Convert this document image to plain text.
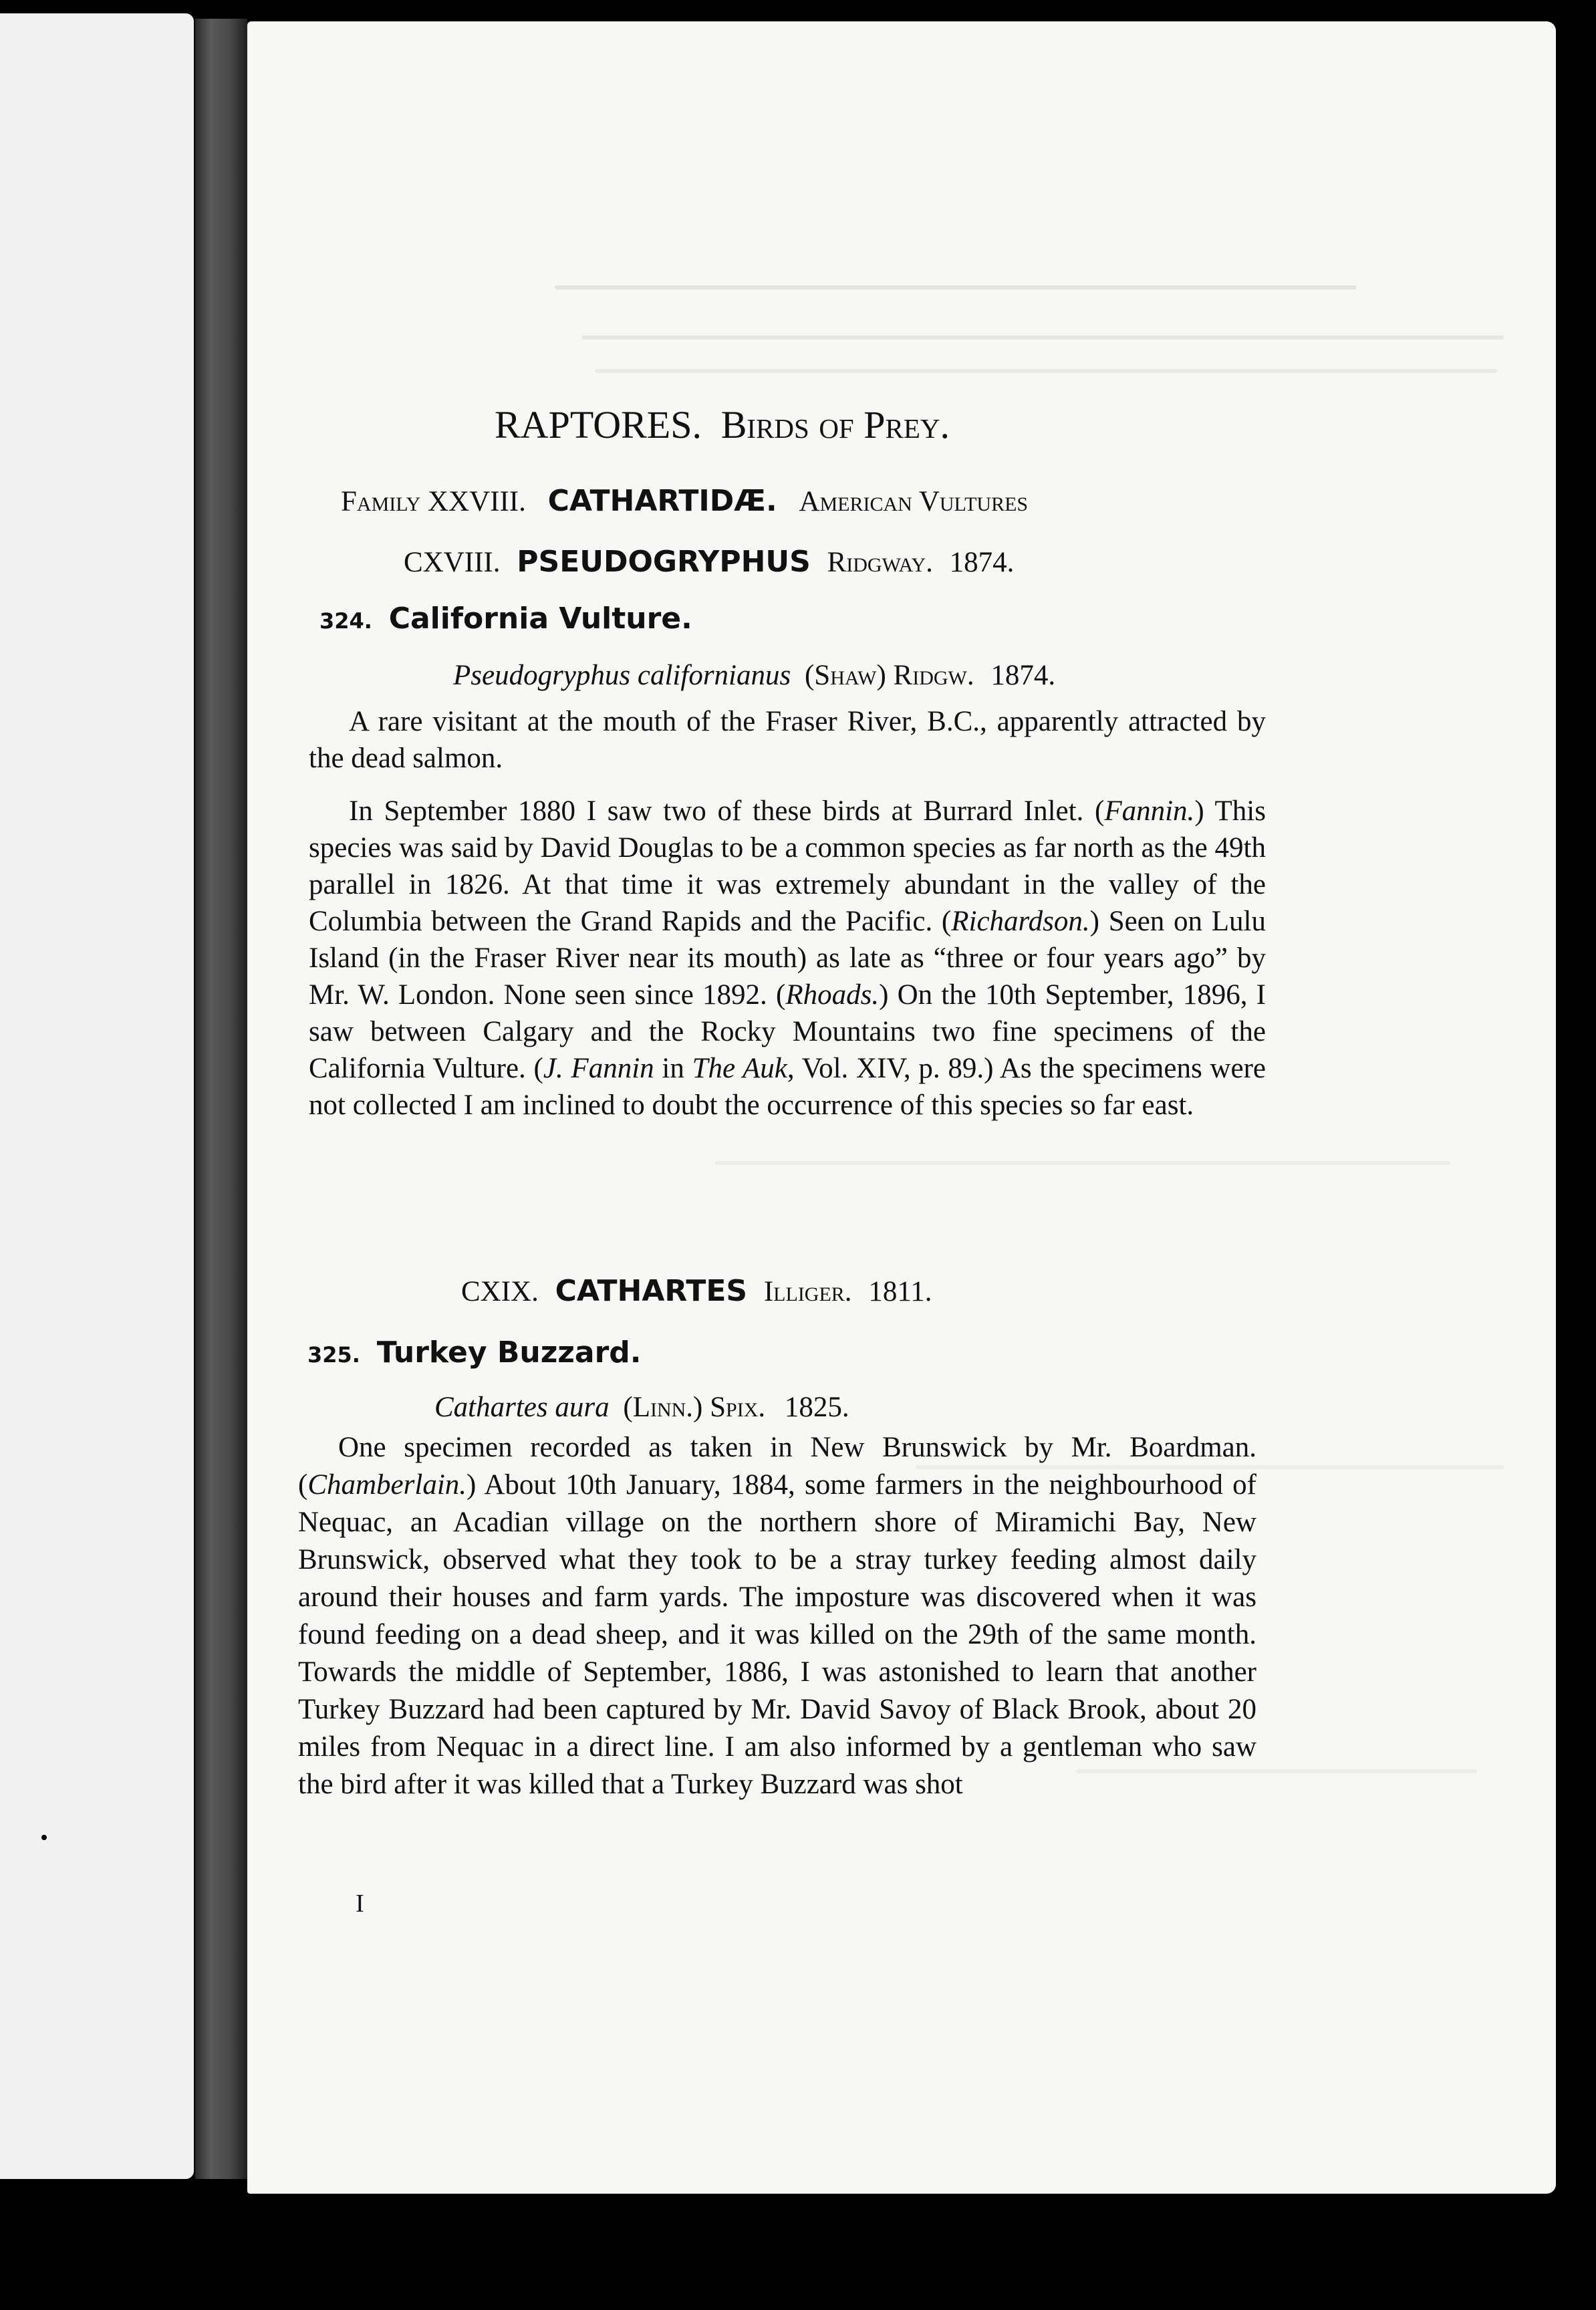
RAPTORES. Birds of Prey.
Family XXVIII. CATHARTIDÆ. American Vultures
CXVIII. PSEUDOGRYPHUS Ridgway. 1874.
324. California Vulture.
Pseudogryphus californianus (Shaw) Ridgw. 1874.
A rare visitant at the mouth of the Fraser River, B.C., apparently attracted by the dead salmon.
In September 1880 I saw two of these birds at Burrard Inlet. (Fannin.) This species was said by David Douglas to be a common species as far north as the 49th parallel in 1826. At that time it was extremely abundant in the valley of the Columbia between the Grand Rapids and the Pacific. (Richardson.) Seen on Lulu Island (in the Fraser River near its mouth) as late as “three or four years ago” by Mr. W. London. None seen since 1892. (Rhoads.) On the 10th September, 1896, I saw between Calgary and the Rocky Mountains two fine specimens of the California Vulture. (J. Fannin in The Auk, Vol. XIV, p. 89.) As the specimens were not collected I am inclined to doubt the occurrence of this species so far east.
CXIX. CATHARTES Illiger. 1811.
325. Turkey Buzzard.
Cathartes aura (Linn.) Spix. 1825.
One specimen recorded as taken in New Brunswick by Mr. Boardman. (Chamberlain.) About 10th January, 1884, some farmers in the neighbourhood of Nequac, an Acadian village on the northern shore of Miramichi Bay, New Brunswick, observed what they took to be a stray turkey feeding almost daily around their houses and farm yards. The imposture was discovered when it was found feeding on a dead sheep, and it was killed on the 29th of the same month. Towards the middle of September, 1886, I was astonished to learn that another Turkey Buzzard had been captured by Mr. David Savoy of Black Brook, about 20 miles from Nequac in a direct line. I am also informed by a gentleman who saw the bird after it was killed that a Turkey Buzzard was shot
I
